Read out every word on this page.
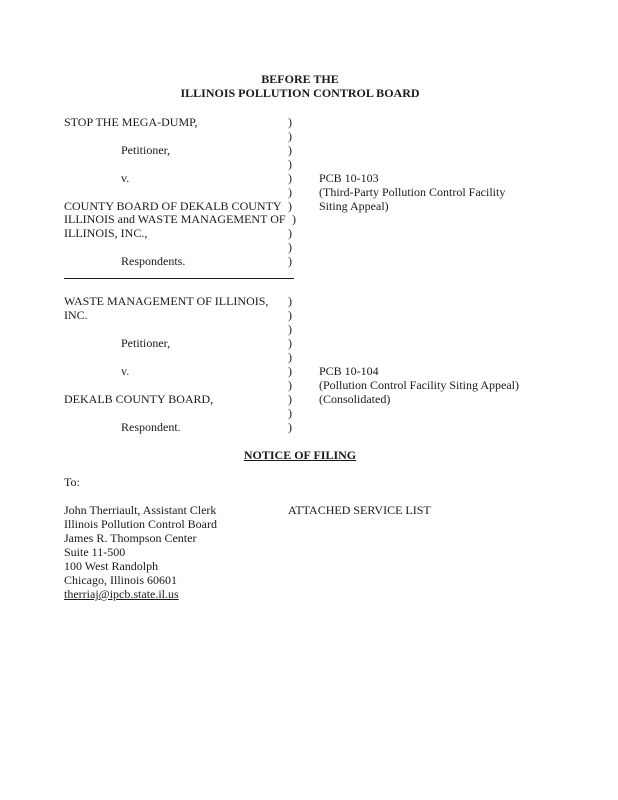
BEFORE THE
ILLINOIS POLLUTION CONTROL BOARD
STOP THE MEGA-DUMP,
Petitioner,
v.
COUNTY BOARD OF DEKALB COUNTY
ILLINOIS and WASTE MANAGEMENT OF
ILLINOIS, INC.,
Respondents.
)
)
)
)
)
)
)
)
)
)
)
PCB 10-103
(Third-Party Pollution Control Facility
Siting Appeal)
WASTE MANAGEMENT OF ILLINOIS,
INC.
Petitioner,
v.
DEKALB COUNTY BOARD,
Respondent.
)
)
)
)
)
)
)
)
)
)
PCB 10-104
(Pollution Control Facility Siting Appeal)
(Consolidated)
NOTICE OF FILING
To:
John Therriault, Assistant Clerk
Illinois Pollution Control Board
James R. Thompson Center
Suite 11-500
100 West Randolph
Chicago, Illinois 60601
therriaj@ipcb.state.il.us
ATTACHED SERVICE LIST
